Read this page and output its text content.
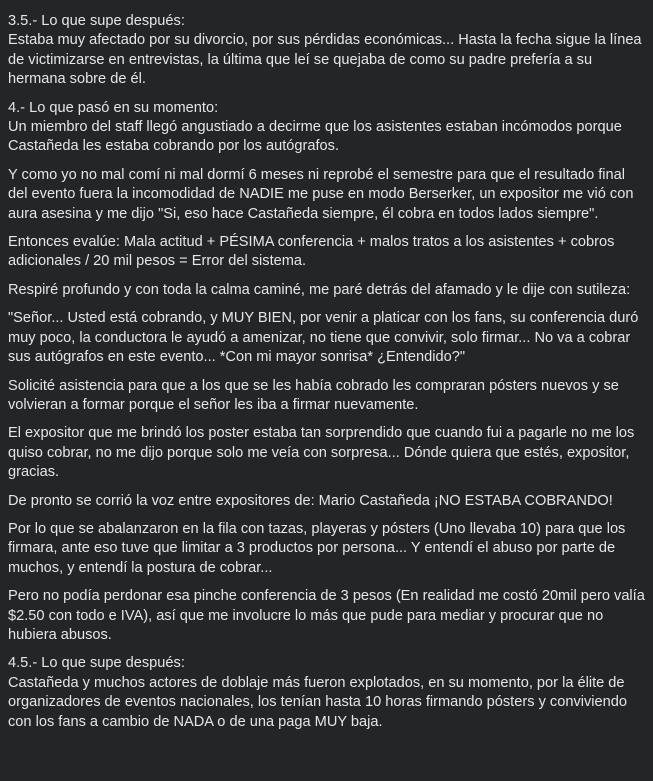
3.5.- Lo que supe después:
Estaba muy afectado por su divorcio, por sus pérdidas económicas... Hasta la fecha sigue la línea de victimizarse en entrevistas, la última que leí se quejaba de como su padre prefería a su hermana sobre de él.

4.- Lo que pasó en su momento:
Un miembro del staff llegó angustiado a decirme que los asistentes estaban incómodos porque Castañeda les estaba cobrando por los autógrafos.

Y como yo no mal comí ni mal dormí 6 meses ni reprobé el semestre para que el resultado final del evento fuera la incomodidad de NADIE me puse en modo Berserker, un expositor me vió con aura asesina y me dijo "Si, eso hace Castañeda siempre, él cobra en todos lados siempre".

Entonces evalúe: Mala actitud + PÉSIMA conferencia + malos tratos a los asistentes + cobros adicionales / 20 mil pesos = Error del sistema.

Respiré profundo y con toda la calma caminé, me paré detrás del afamado y le dije con sutileza:

"Señor... Usted está cobrando, y MUY BIEN, por venir a platicar con los fans, su conferencia duró muy poco, la conductora le ayudó a amenizar, no tiene que convivir, solo firmar... No va a cobrar sus autógrafos en este evento... *Con mi mayor sonrisa* ¿Entendido?"

Solicité asistencia para que a los que se les había cobrado les compraran pósters nuevos y se volvieran a formar porque el señor les iba a firmar nuevamente.

El expositor que me brindó los poster estaba tan sorprendido que cuando fui a pagarle no me los quiso cobrar, no me dijo porque solo me veía con sorpresa... Dónde quiera que estés, expositor, gracias.

De pronto se corrió la voz entre expositores de: Mario Castañeda ¡NO ESTABA COBRANDO!

Por lo que se abalanzaron en la fila con tazas, playeras y pósters (Uno llevaba 10) para que los firmara, ante eso tuve que limitar a 3 productos por persona... Y entendí el abuso por parte de muchos, y entendí la postura de cobrar...

Pero no podía perdonar esa pinche conferencia de 3 pesos (En realidad me costó 20mil pero valía $2.50 con todo e IVA), así que me involucre lo más que pude para mediar y procurar que no hubiera abusos.

4.5.- Lo que supe después:
Castañeda y muchos actores de doblaje más fueron explotados, en su momento, por la élite de organizadores de eventos nacionales, los tenían hasta 10 horas firmando pósters y conviviendo con los fans a cambio de NADA o de una paga MUY baja.
